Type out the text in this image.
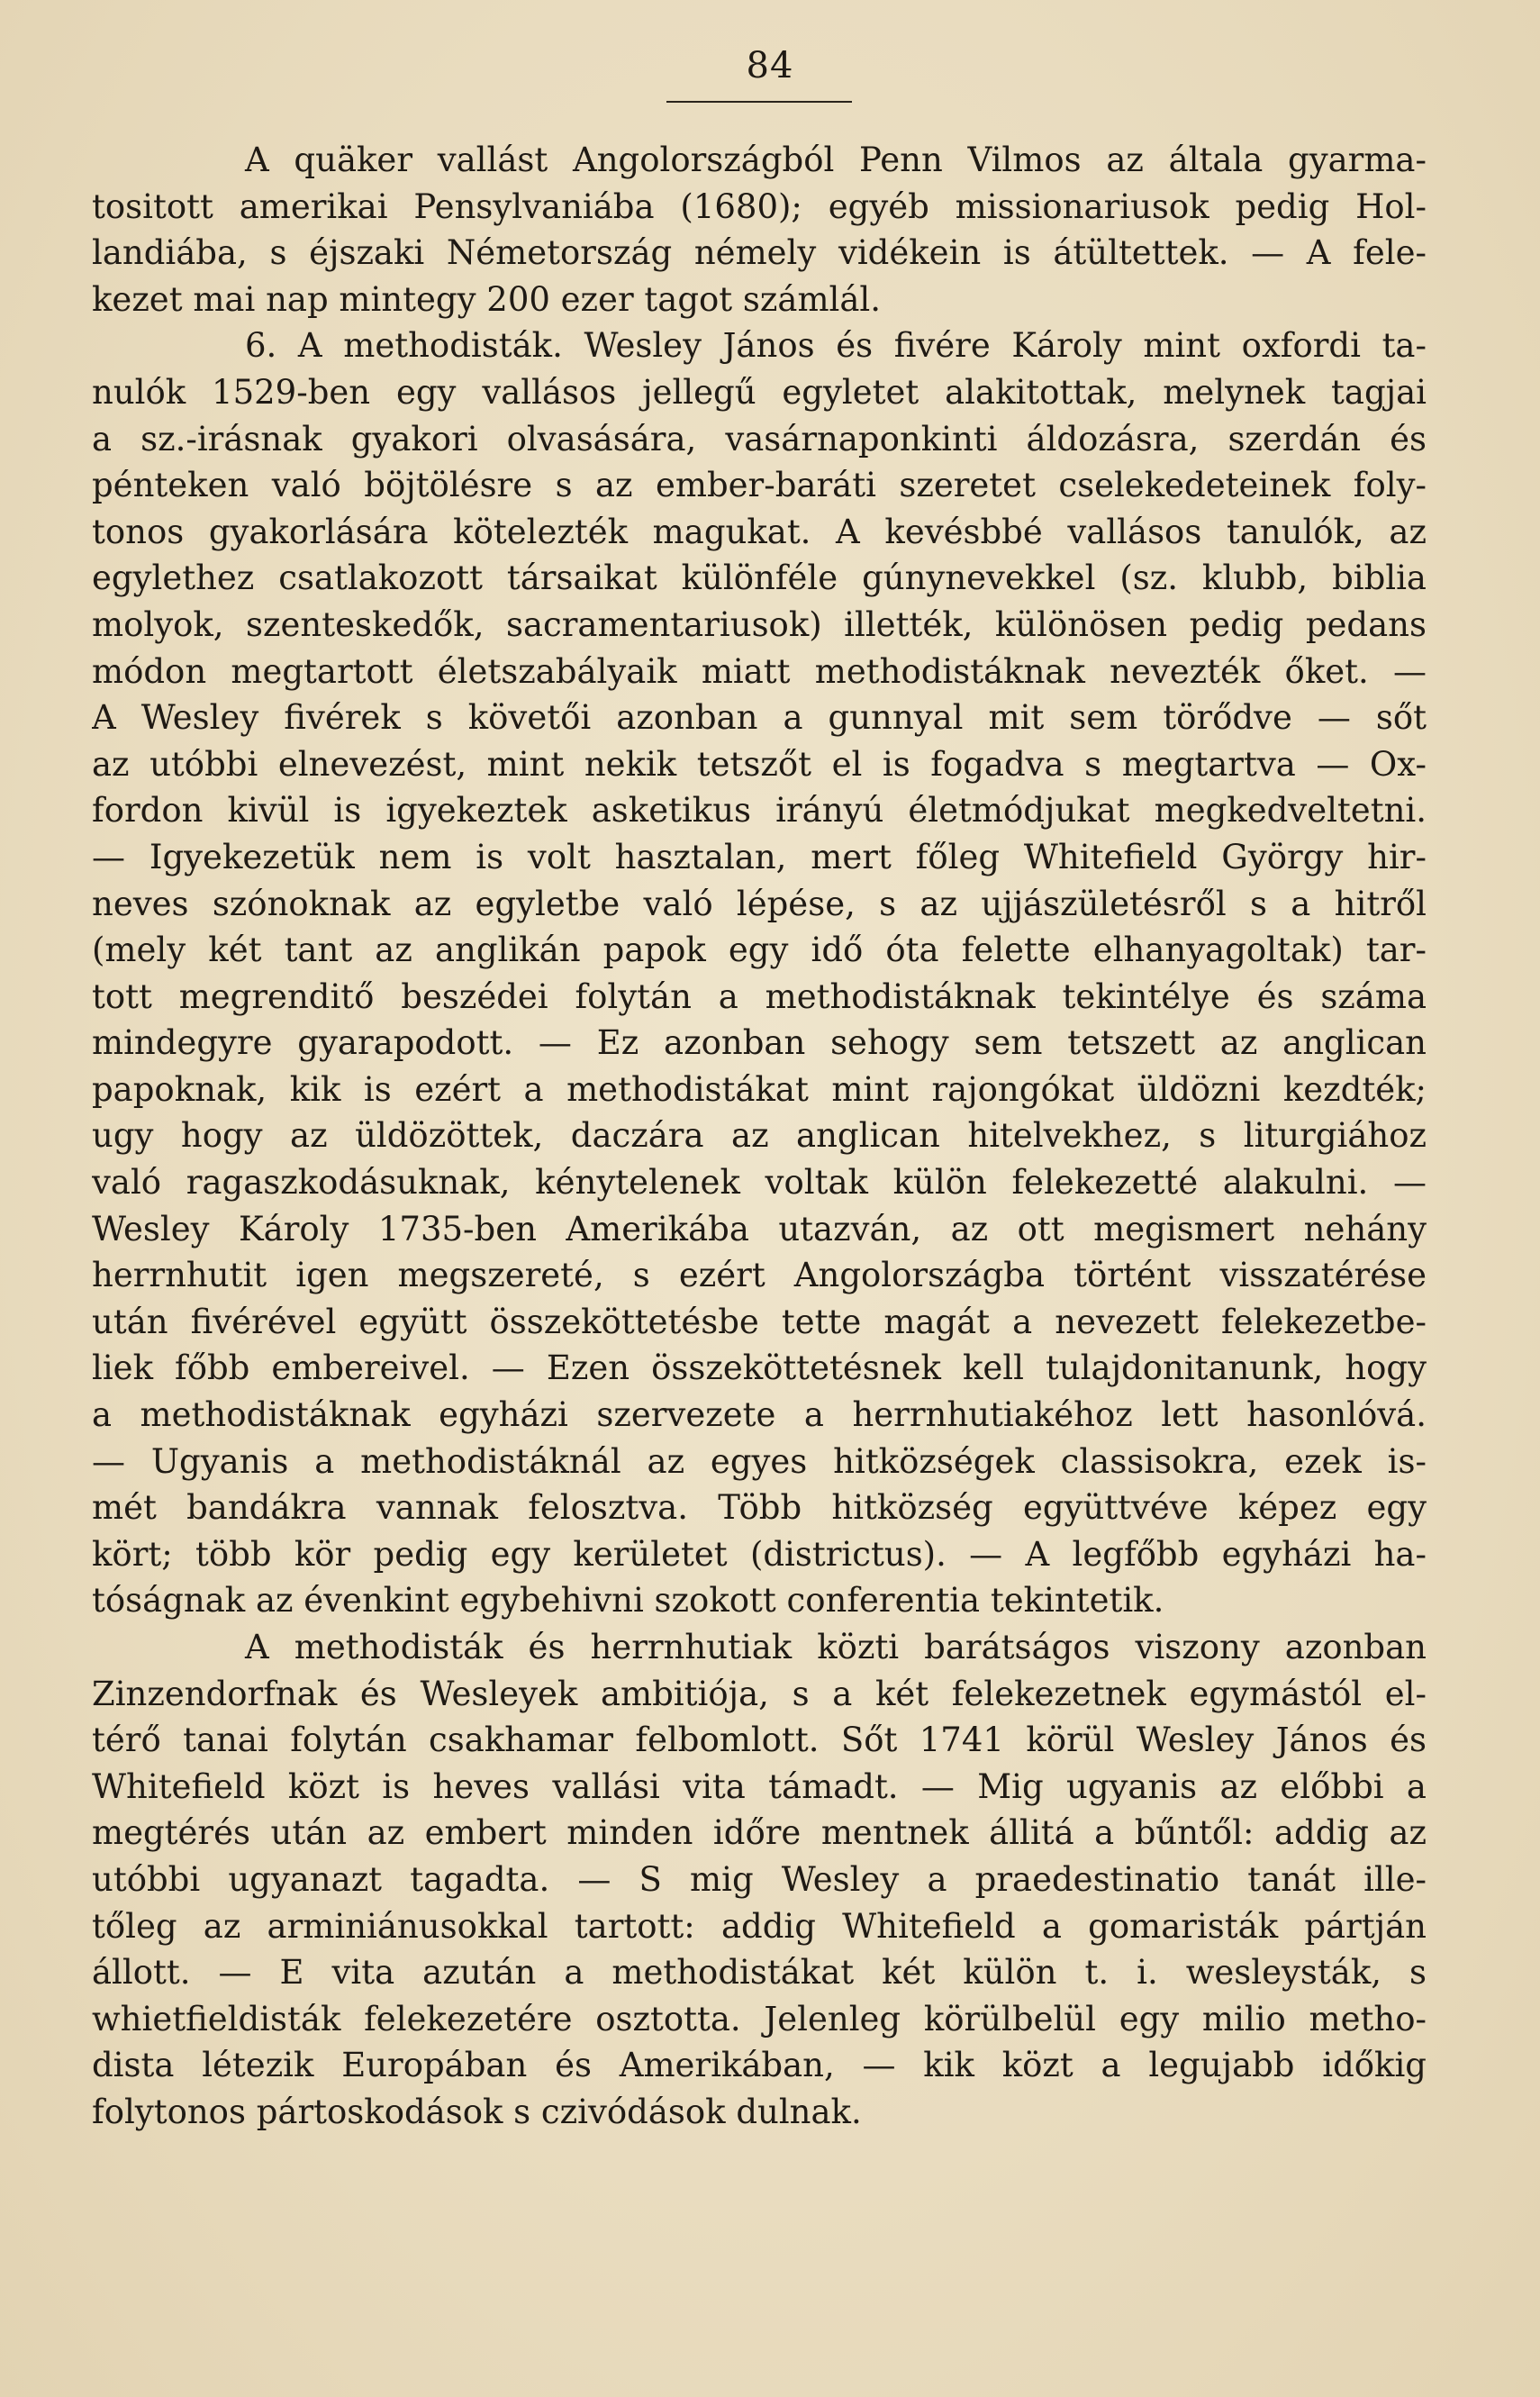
84
A quäker vallást Angolországból Penn Vilmos az általa gyarma-
tositott amerikai Pensylvaniába (1680); egyéb missionariusok pedig Hol-
landiába, s éjszaki Németország némely vidékein is átültettek. — A fele-
kezet mai nap mintegy 200 ezer tagot számlál.
6. A methodisták. Wesley János és fivére Károly mint oxfordi ta-
nulók 1529-ben egy vallásos jellegű egyletet alakitottak, melynek tagjai
a sz.-irásnak gyakori olvasására, vasárnaponkinti áldozásra, szerdán és
pénteken való böjtölésre s az ember-baráti szeretet cselekedeteinek foly-
tonos gyakorlására kötelezték magukat. A kevésbbé vallásos tanulók, az
egylethez csatlakozott társaikat különféle gúnynevekkel (sz. klubb, biblia
molyok, szenteskedők, sacramentariusok) illették, különösen pedig pedans
módon megtartott életszabályaik miatt methodistáknak nevezték őket. —
A Wesley fivérek s követői azonban a gunnyal mit sem törődve — sőt
az utóbbi elnevezést, mint nekik tetszőt el is fogadva s megtartva — Ox-
fordon kivül is igyekeztek asketikus irányú életmódjukat megkedveltetni.
— Igyekezetük nem is volt hasztalan, mert főleg Whitefield György hir-
neves szónoknak az egyletbe való lépése, s az ujjászületésről s a hitről
(mely két tant az anglikán papok egy idő óta felette elhanyagoltak) tar-
tott megrenditő beszédei folytán a methodistáknak tekintélye és száma
mindegyre gyarapodott. — Ez azonban sehogy sem tetszett az anglican
papoknak, kik is ezért a methodistákat mint rajongókat üldözni kezdték;
ugy hogy az üldözöttek, daczára az anglican hitelvekhez, s liturgiához
való ragaszkodásuknak, kénytelenek voltak külön felekezetté alakulni. —
Wesley Károly 1735-ben Amerikába utazván, az ott megismert nehány
herrnhutit igen megszereté, s ezért Angolországba történt visszatérése
után fivérével együtt összeköttetésbe tette magát a nevezett felekezetbe-
liek főbb embereivel. — Ezen összeköttetésnek kell tulajdonitanunk, hogy
a methodistáknak egyházi szervezete a herrnhutiakéhoz lett hasonlóvá.
— Ugyanis a methodistáknál az egyes hitközségek classisokra, ezek is-
mét bandákra vannak felosztva. Több hitközség együttvéve képez egy
kört; több kör pedig egy kerületet (districtus). — A legfőbb egyházi ha-
tóságnak az évenkint egybehivni szokott conferentia tekintetik.
A methodisták és herrnhutiak közti barátságos viszony azonban
Zinzendorfnak és Wesleyek ambitiója, s a két felekezetnek egymástól el-
térő tanai folytán csakhamar felbomlott. Sőt 1741 körül Wesley János és
Whitefield közt is heves vallási vita támadt. — Mig ugyanis az előbbi a
megtérés után az embert minden időre mentnek állitá a bűntől: addig az
utóbbi ugyanazt tagadta. — S mig Wesley a praedestinatio tanát ille-
tőleg az arminiánusokkal tartott: addig Whitefield a gomaristák pártján
állott. — E vita azután a methodistákat két külön t. i. wesleysták, s
whietfieldisták felekezetére osztotta. Jelenleg körülbelül egy milio metho-
dista létezik Europában és Amerikában, — kik közt a legujabb időkig
folytonos pártoskodások s czivódások dulnak.
